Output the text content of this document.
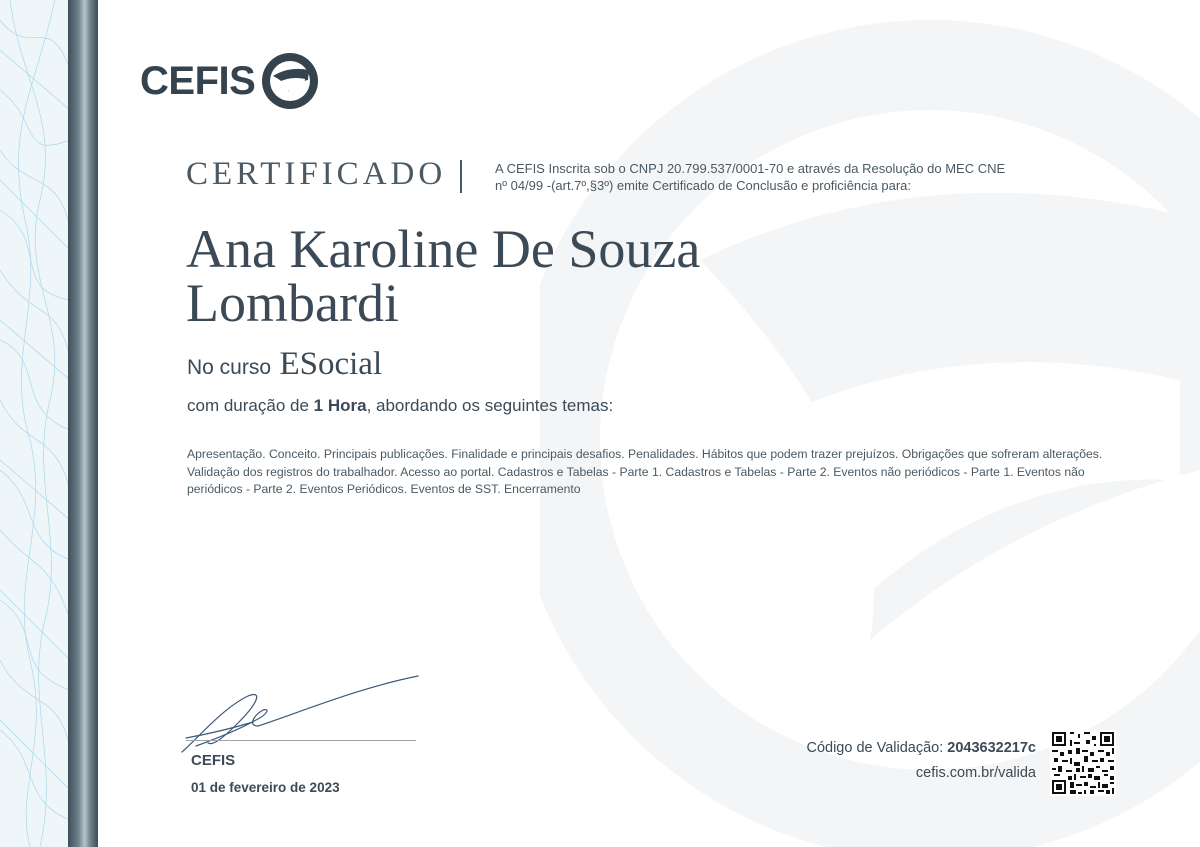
CEFIS
CERTIFICADO	A CEFIS Inscrita sob o CNPJ 20.799.537/0001-70 e através da Resolução do MEC CNE nº 04/99 -(art.7º,§3º) emite Certificado de Conclusão e proficiência para:
Ana Karoline De Souza Lombardi
No curso ESocial
com duração de 1 Hora, abordando os seguintes temas:
Apresentação. Conceito. Principais publicações. Finalidade e principais desafios. Penalidades. Hábitos que podem trazer prejuízos. Obrigações que sofreram alterações. Validação dos registros do trabalhador. Acesso ao portal. Cadastros e Tabelas - Parte 1. Cadastros e Tabelas - Parte 2. Eventos não periódicos - Parte 1. Eventos não periódicos - Parte 2. Eventos Periódicos. Eventos de SST. Encerramento
CEFIS
01 de fevereiro de 2023
Código de Validação: 2043632217c
cefis.com.br/valida
